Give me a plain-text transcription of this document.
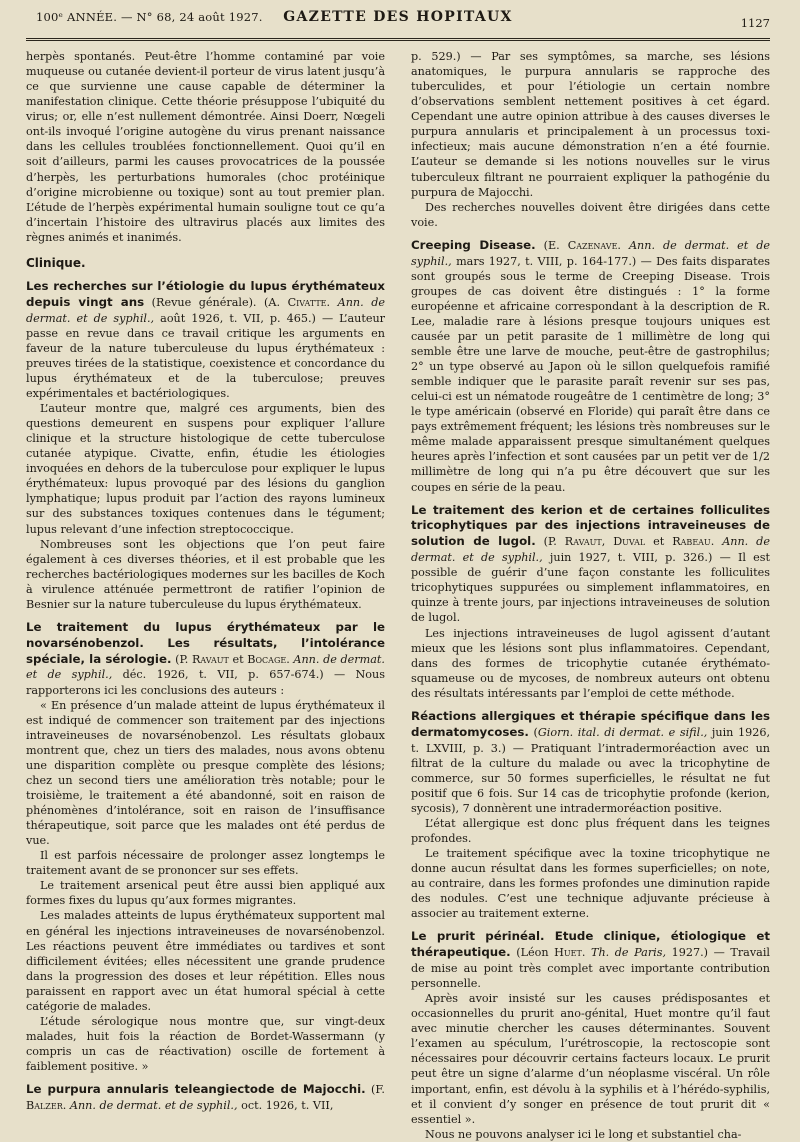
100ᵉ ANNÉE. — N° 68, 24 août 1927.	GAZETTE DES HOPITAUX	1127

herpès spontanés. Peut-être l’homme contaminé par voie muqueuse ou cutanée devient-il porteur de virus latent jusqu’à ce que survienne une cause capable de déterminer la manifestation clinique. Cette théorie présuppose l’ubiquité du virus; or, elle n’est nullement démontrée. Ainsi Doerr, Nœgeli ont-ils invoqué l’origine autogène du virus prenant naissance dans les cellules troublées fonctionnellement. Quoi qu’il en soit d’ailleurs, parmi les causes provocatrices de la poussée d’herpès, les perturbations humorales (choc protéinique d’origine microbienne ou toxique) sont au tout premier plan. L’étude de l’herpès expérimental humain souligne tout ce qu’a d’incertain l’histoire des ultravirus placés aux limites des règnes animés et inanimés.

Clinique.

Les recherches sur l’étiologie du lupus érythémateux depuis vingt ans (Revue générale). (A. Civatte. Ann. de dermat. et de syphil., août 1926, t. VII, p. 465.) — L’auteur passe en revue dans ce travail critique les arguments en faveur de la nature tuberculeuse du lupus érythémateux : preuves tirées de la statistique, coexistence et concordance du lupus érythémateux et de la tuberculose; preuves expérimentales et bactériologiques.

L’auteur montre que, malgré ces arguments, bien des questions demeurent en suspens pour expliquer l’allure clinique et la structure histologique de cette tuberculose cutanée atypique. Civatte, enfin, étudie les étiologies invoquées en dehors de la tuberculose pour expliquer le lupus érythémateux: lupus provoqué par des lésions du ganglion lymphatique; lupus produit par l’action des rayons lumineux sur des substances toxiques contenues dans le tégument; lupus relevant d’une infection streptococcique.

Nombreuses sont les objections que l’on peut faire également à ces diverses théories, et il est probable que les recherches bactériologiques modernes sur les bacilles de Koch à virulence atténuée permettront de ratifier l’opinion de Besnier sur la nature tuberculeuse du lupus érythémateux.

Le traitement du lupus érythémateux par le novarsénobenzol. Les résultats, l’intolérance spéciale, la sérologie. (P. Ravaut et Bocage. Ann. de dermat. et de syphil., déc. 1926, t. VII, p. 657-674.) — Nous rapporterons ici les conclusions des auteurs :

« En présence d’un malade atteint de lupus érythémateux il est indiqué de commencer son traitement par des injections intraveineuses de novarsénobenzol. Les résultats globaux montrent que, chez un tiers des malades, nous avons obtenu une disparition complète ou presque complète des lésions; chez un second tiers une amélioration très notable; pour le troisième, le traitement a été abandonné, soit en raison de phénomènes d’intolérance, soit en raison de l’insuffisance thérapeutique, soit parce que les malades ont été perdus de vue.

Il est parfois nécessaire de prolonger assez longtemps le traitement avant de se prononcer sur ses effets.

Le traitement arsenical peut être aussi bien appliqué aux formes fixes du lupus qu’aux formes migrantes.

Les malades atteints de lupus érythémateux supportent mal en général les injections intraveineuses de novarsénobenzol. Les réactions peuvent être immédiates ou tardives et sont difficilement évitées; elles nécessitent une grande prudence dans la progression des doses et leur répétition. Elles nous paraissent en rapport avec un état humoral spécial à cette catégorie de malades.

L’étude sérologique nous montre que, sur vingt-deux malades, huit fois la réaction de Bordet-Wassermann (y compris un cas de réactivation) oscille de fortement à faiblement positive. »

Le purpura annularis teleangiectode de Majocchi. (F. Balzer. Ann. de dermat. et de syphil., oct. 1926, t. VII,

p. 529.) — Par ses symptômes, sa marche, ses lésions anatomiques, le purpura annularis se rapproche des tuberculides, et pour l’étiologie un certain nombre d’observations semblent nettement positives à cet égard. Cependant une autre opinion attribue à des causes diverses le purpura annularis et principalement à un processus toxi-infectieux; mais aucune démonstration n’en a été fournie. L’auteur se demande si les notions nouvelles sur le virus tuberculeux filtrant ne pourraient expliquer la pathogénie du purpura de Majocchi.

Des recherches nouvelles doivent être dirigées dans cette voie.

Creeping Disease. (E. Cazenave. Ann. de dermat. et de syphil., mars 1927, t. VIII, p. 164-177.) — Des faits disparates sont groupés sous le terme de Creeping Disease. Trois groupes de cas doivent être distingués : 1° la forme européenne et africaine correspondant à la description de R. Lee, maladie rare à lésions presque toujours uniques est causée par un petit parasite de 1 millimètre de long qui semble être une larve de mouche, peut-être de gastrophilus; 2° un type observé au Japon où le sillon quelquefois ramifié semble indiquer que le parasite paraît revenir sur ses pas, celui-ci est un nématode rougeâtre de 1 centimètre de long; 3° le type américain (observé en Floride) qui paraît être dans ce pays extrêmement fréquent; les lésions très nombreuses sur le même malade apparaissent presque simultanément quelques heures après l’infection et sont causées par un petit ver de 1/2 millimètre de long qui n’a pu être découvert que sur les coupes en série de la peau.

Le traitement des kerion et de certaines folliculites tricophytiques par des injections intraveineuses de solution de lugol. (P. Ravaut, Duval et Rabeau. Ann. de dermat. et de syphil., juin 1927, t. VIII, p. 326.) — Il est possible de guérir d’une façon constante les folliculites tricophytiques suppurées ou simplement inflammatoires, en quinze à trente jours, par injections intraveineuses de solution de lugol.

Les injections intraveineuses de lugol agissent d’autant mieux que les lésions sont plus inflammatoires. Cependant, dans des formes de tricophytie cutanée érythémato-squameuse ou de mycoses, de nombreux auteurs ont obtenu des résultats intéressants par l’emploi de cette méthode.

Réactions allergiques et thérapie spécifique dans les dermatomycoses. (Giorn. ital. di dermat. e sifil., juin 1926, t. LXVIII, p. 3.) — Pratiquant l’intradermoréaction avec un filtrat de la culture du malade ou avec la tricophytine de commerce, sur 50 formes superficielles, le résultat ne fut positif que 6 fois. Sur 14 cas de tricophytie profonde (kerion, sycosis), 7 donnèrent une intradermoréaction positive.

L’état allergique est donc plus fréquent dans les teignes profondes.

Le traitement spécifique avec la toxine tricophytique ne donne aucun résultat dans les formes superficielles; on note, au contraire, dans les formes profondes une diminution rapide des nodules. C’est une technique adjuvante précieuse à associer au traitement externe.

Le prurit périnéal. Etude clinique, étiologique et thérapeutique. (Léon Huet. Th. de Paris, 1927.) — Travail de mise au point très complet avec importante contribution personnelle.

Après avoir insisté sur les causes prédisposantes et occasionnelles du prurit ano-génital, Huet montre qu’il faut avec minutie chercher les causes déterminantes. Souvent l’examen au spéculum, l’urétroscopie, la rectoscopie sont nécessaires pour découvrir certains facteurs locaux. Le prurit peut être un signe d’alarme d’un néoplasme viscéral. Un rôle important, enfin, est dévolu à la syphilis et à l’hérédo-syphilis, et il convient d’y songer en présence de tout prurit dit « essentiel ».

Nous ne pouvons analyser ici le long et substantiel cha-
